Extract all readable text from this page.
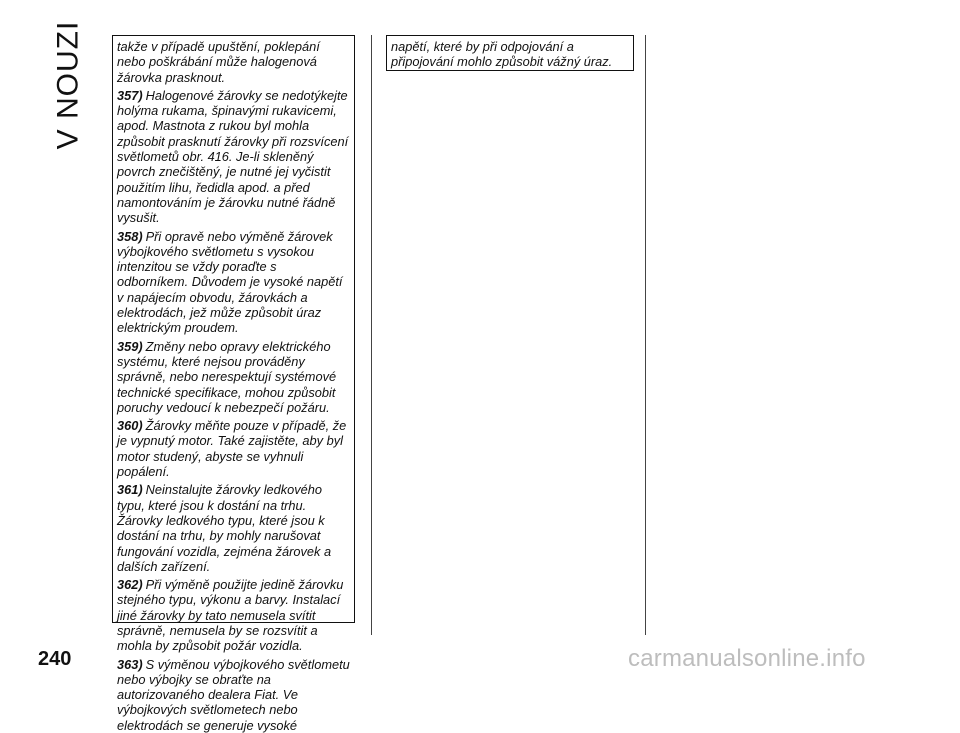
V NOUZI	takže v případě upuštění, poklepání nebo poškrábání může halogenová žárovka prasknout.

357) Halogenové žárovky se nedotýkejte holýma rukama, špinavými rukavicemi, apod. Mastnota z rukou byl mohla způsobit prasknutí žárovky při rozsvícení světlometů obr. 416. Je-li skleněný povrch znečištěný, je nutné jej vyčistit použitím lihu, ředidla apod. a před namontováním je žárovku nutné řádně vysušit.

358) Při opravě nebo výměně žárovek výbojkového světlometu s vysokou intenzitou se vždy poraďte s odborníkem. Důvodem je vysoké napětí v napájecím obvodu, žárovkách a elektrodách, jež může způsobit úraz elektrickým proudem.

359) Změny nebo opravy elektrického systému, které nejsou prováděny správně, nebo nerespektují systémové technické specifikace, mohou způsobit poruchy vedoucí k nebezpečí požáru.

360) Žárovky měňte pouze v případě, že je vypnutý motor. Také zajistěte, aby byl motor studený, abyste se vyhnuli popálení.

361) Neinstalujte žárovky ledkového typu, které jsou k dostání na trhu. Žárovky ledkového typu, které jsou k dostání na trhu, by mohly narušovat fungování vozidla, zejména žárovek a dalších zařízení.

362) Při výměně použijte jedině žárovku stejného typu, výkonu a barvy. Instalací jiné žárovky by tato nemusela svítit správně, nemusela by se rozsvítit a mohla by způsobit požár vozidla.

363) S výměnou výbojkového světlometu nebo výbojky se obraťte na autorizovaného dealera Fiat. Ve výbojkových světlometech nebo elektrodách se generuje vysoké

napětí, které by při odpojování a připojování mohlo způsobit vážný úraz.

240	carmanualsonline.info
